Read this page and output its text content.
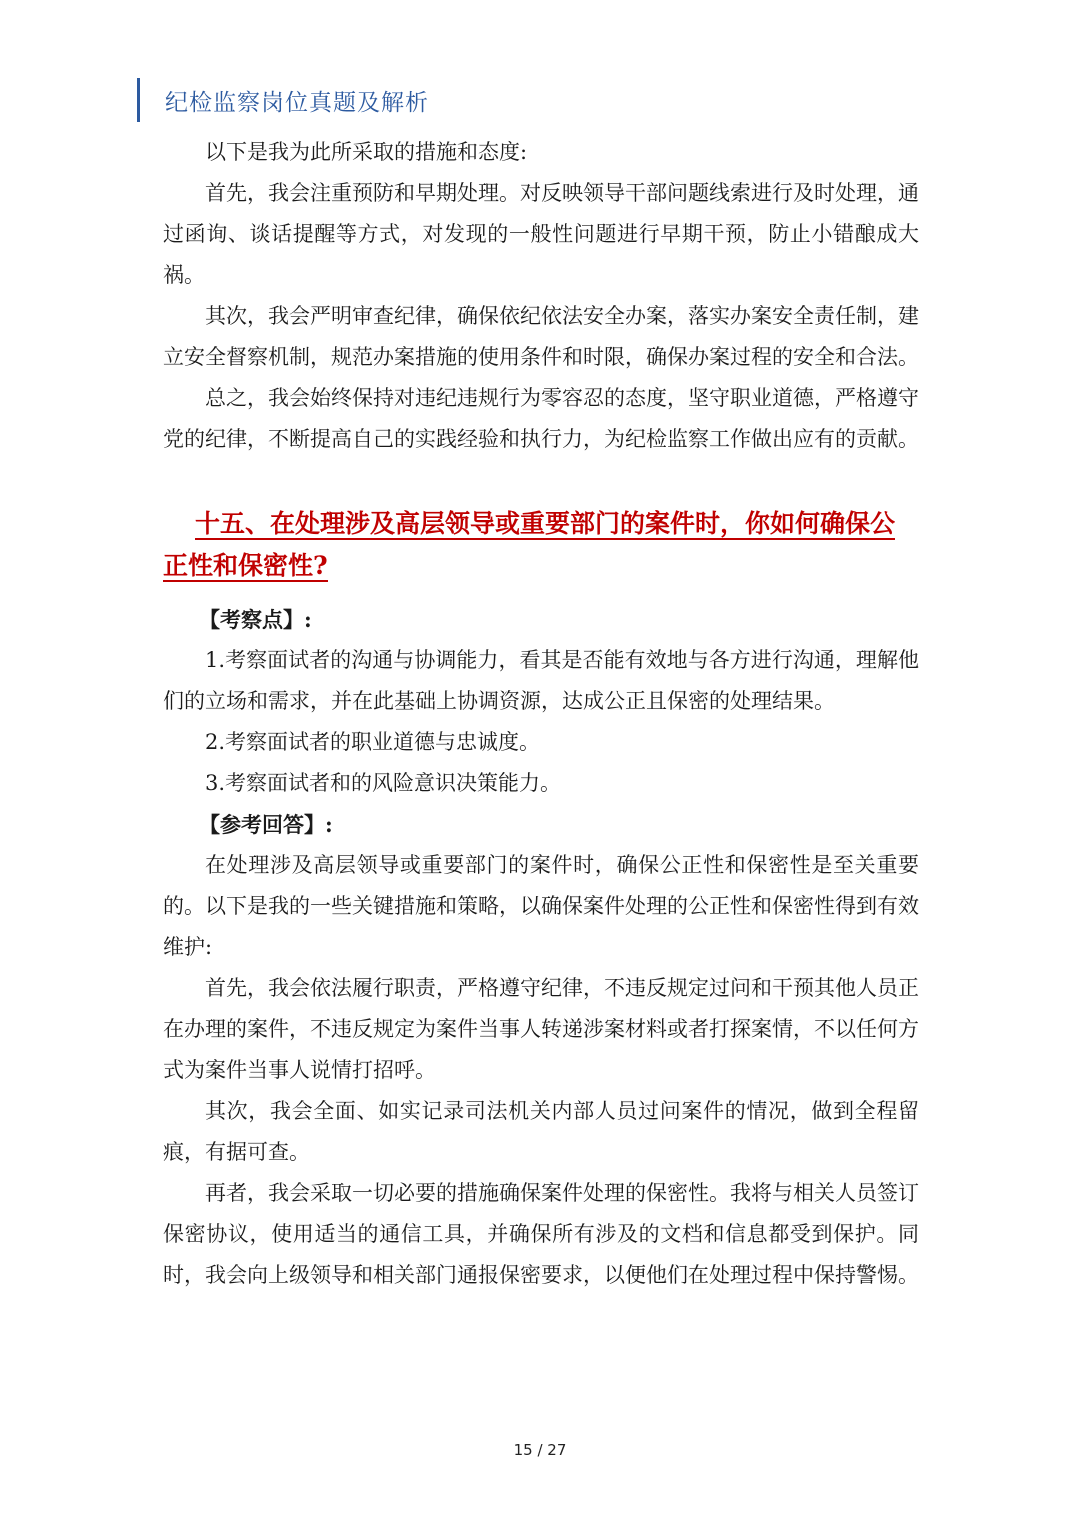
纪检监察岗位真题及解析

以下是我为此所采取的措施和态度:

首先，我会注重预防和早期处理。对反映领导干部问题线索进行及时处理，通过函询、谈话提醒等方式，对发现的一般性问题进行早期干预，防止小错酿成大祸。

其次，我会严明审查纪律，确保依纪依法安全办案，落实办案安全责任制，建立安全督察机制，规范办案措施的使用条件和时限，确保办案过程的安全和合法。

总之，我会始终保持对违纪违规行为零容忍的态度，坚守职业道德，严格遵守党的纪律，不断提高自己的实践经验和执行力，为纪检监察工作做出应有的贡献。

十五、在处理涉及高层领导或重要部门的案件时，你如何确保公正性和保密性?

【考察点】:

1.考察面试者的沟通与协调能力，看其是否能有效地与各方进行沟通，理解他们的立场和需求，并在此基础上协调资源，达成公正且保密的处理结果。

2.考察面试者的职业道德与忠诚度。

3.考察面试者和的风险意识决策能力。

【参考回答】:

在处理涉及高层领导或重要部门的案件时，确保公正性和保密性是至关重要的。以下是我的一些关键措施和策略，以确保案件处理的公正性和保密性得到有效维护:

首先，我会依法履行职责，严格遵守纪律，不违反规定过问和干预其他人员正在办理的案件，不违反规定为案件当事人转递涉案材料或者打探案情，不以任何方式为案件当事人说情打招呼。

其次，我会全面、如实记录司法机关内部人员过问案件的情况，做到全程留痕，有据可查。

再者，我会采取一切必要的措施确保案件处理的保密性。我将与相关人员签订保密协议，使用适当的通信工具，并确保所有涉及的文档和信息都受到保护。同时，我会向上级领导和相关部门通报保密要求，以便他们在处理过程中保持警惕。

15 / 27
